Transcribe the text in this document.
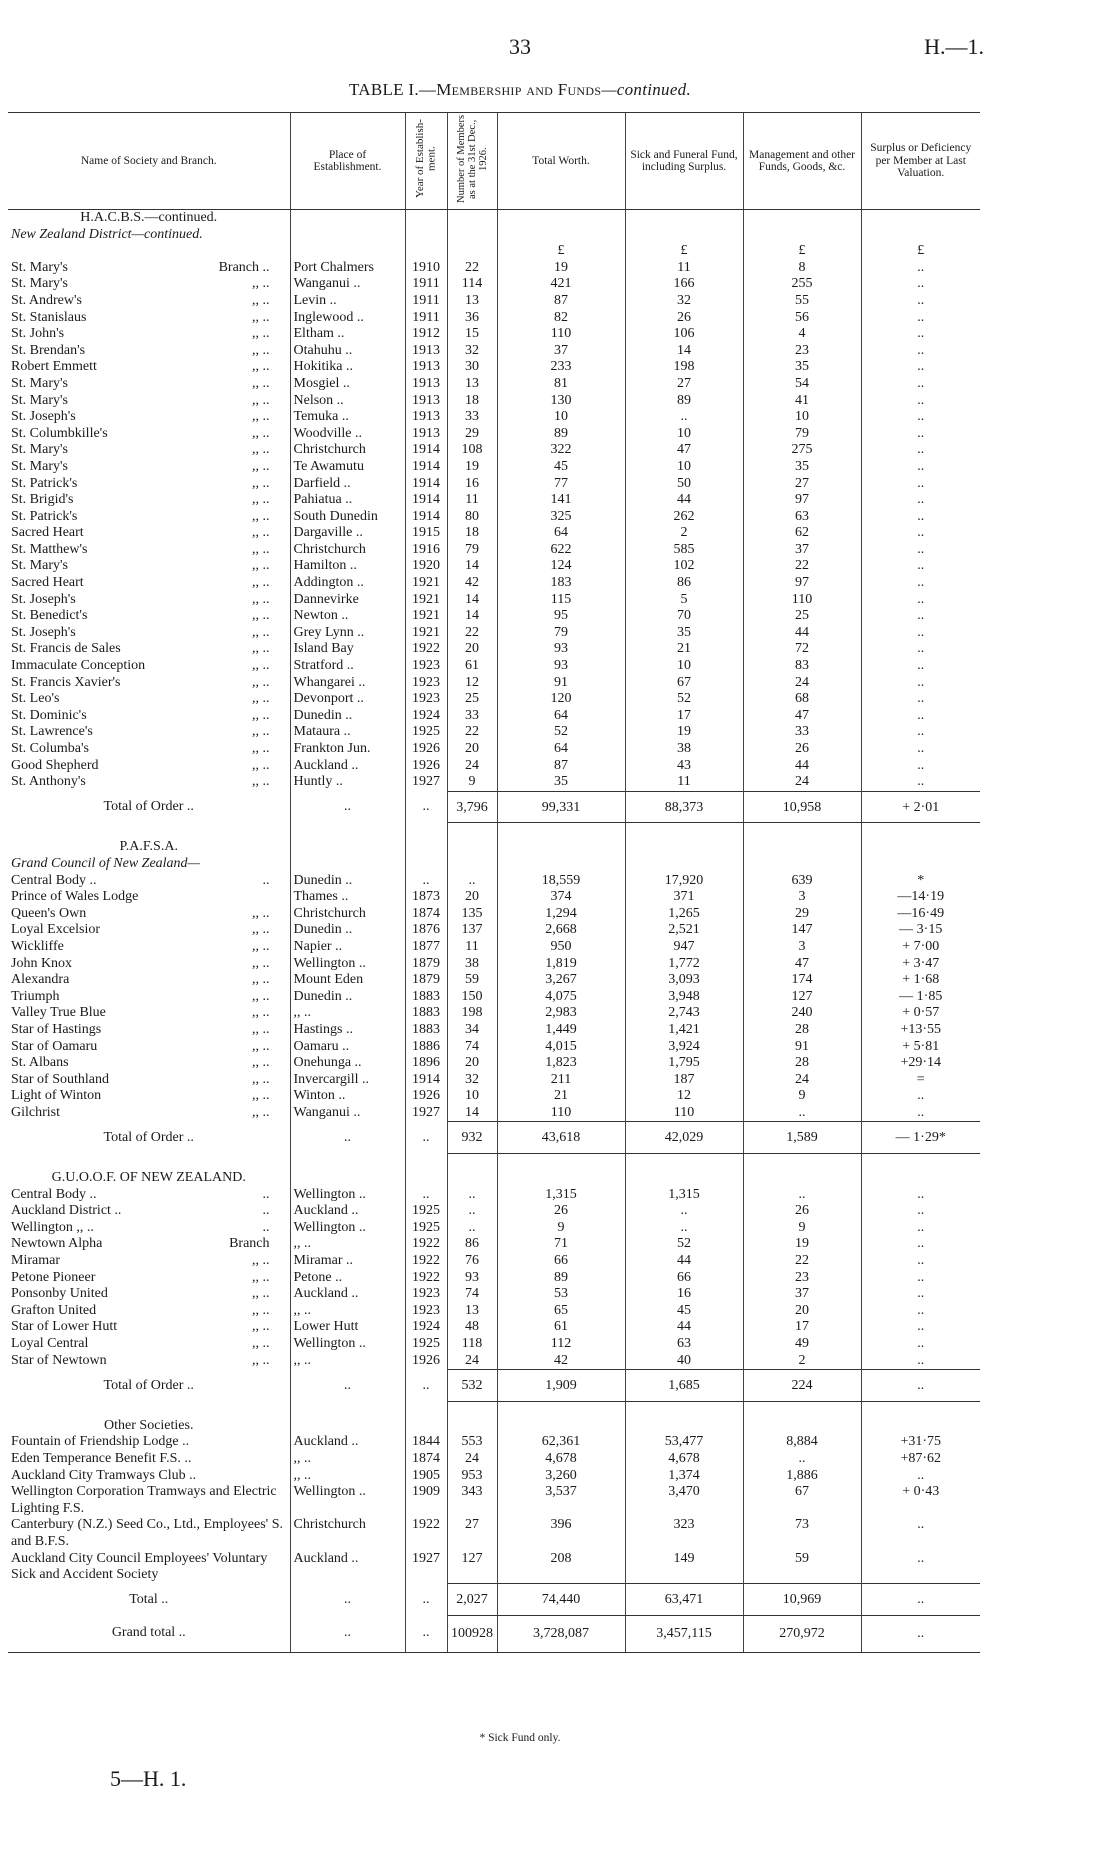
33	H.—1.
TABLE I.—Membership and Funds—continued.
Name of Society and Branch.	Place of Establishment.	Year of Establish-ment.	Number of Members as at the 31st Dec., 1926.	Total Worth.	Sick and Funeral Fund, including Surplus.	Management and other Funds, Goods, &c.	Surplus or Deficiency per Member at Last Valuation.
H.A.C.B.S.—continued.							
New Zealand District—continued.							
				£	£	£	£
St. Mary's Branch ..	Port Chalmers	1910	22	19	11	8	..
St. Mary's ,, ..	Wanganui ..	1911	114	421	166	255	..
St. Andrew's ,, ..	Levin ..	1911	13	87	32	55	..
St. Stanislaus ,, ..	Inglewood ..	1911	36	82	26	56	..
St. John's ,, ..	Eltham ..	1912	15	110	106	4	..
St. Brendan's ,, ..	Otahuhu ..	1913	32	37	14	23	..
Robert Emmett ,, ..	Hokitika ..	1913	30	233	198	35	..
St. Mary's ,, ..	Mosgiel ..	1913	13	81	27	54	..
St. Mary's ,, ..	Nelson ..	1913	18	130	89	41	..
St. Joseph's ,, ..	Temuka ..	1913	33	10	..	10	..
St. Columbkille's ,, ..	Woodville ..	1913	29	89	10	79	..
St. Mary's ,, ..	Christchurch	1914	108	322	47	275	..
St. Mary's ,, ..	Te Awamutu	1914	19	45	10	35	..
St. Patrick's ,, ..	Darfield ..	1914	16	77	50	27	..
St. Brigid's ,, ..	Pahiatua ..	1914	11	141	44	97	..
St. Patrick's ,, ..	South Dunedin	1914	80	325	262	63	..
Sacred Heart ,, ..	Dargaville ..	1915	18	64	2	62	..
St. Matthew's ,, ..	Christchurch	1916	79	622	585	37	..
St. Mary's ,, ..	Hamilton ..	1920	14	124	102	22	..
Sacred Heart ,, ..	Addington ..	1921	42	183	86	97	..
St. Joseph's ,, ..	Dannevirke	1921	14	115	5	110	..
St. Benedict's ,, ..	Newton ..	1921	14	95	70	25	..
St. Joseph's ,, ..	Grey Lynn ..	1921	22	79	35	44	..
St. Francis de Sales ,, ..	Island Bay	1922	20	93	21	72	..
Immaculate Conception ,, ..	Stratford ..	1923	61	93	10	83	..
St. Francis Xavier's ,, ..	Whangarei ..	1923	12	91	67	24	..
St. Leo's ,, ..	Devonport ..	1923	25	120	52	68	..
St. Dominic's ,, ..	Dunedin ..	1924	33	64	17	47	..
St. Lawrence's ,, ..	Mataura ..	1925	22	52	19	33	..
St. Columba's ,, ..	Frankton Jun.	1926	20	64	38	26	..
Good Shepherd ,, ..	Auckland ..	1926	24	87	43	44	..
St. Anthony's ,, ..	Huntly ..	1927	9	35	11	24	..
Total of Order ..	..	..	3,796	99,331	88,373	10,958	+ 2·01

P.A.F.S.A.							
Grand Council of New Zealand—							
Central Body .. ..	Dunedin ..	..	..	18,559	17,920	639	*
Prince of Wales Lodge	Thames ..	1873	20	374	371	3	—14·19
Queen's Own ,, ..	Christchurch	1874	135	1,294	1,265	29	—16·49
Loyal Excelsior ,, ..	Dunedin ..	1876	137	2,668	2,521	147	— 3·15
Wickliffe ,, ..	Napier ..	1877	11	950	947	3	+ 7·00
John Knox ,, ..	Wellington ..	1879	38	1,819	1,772	47	+ 3·47
Alexandra ,, ..	Mount Eden	1879	59	3,267	3,093	174	+ 1·68
Triumph ,, ..	Dunedin ..	1883	150	4,075	3,948	127	— 1·85
Valley True Blue ,, ..	,, ..	1883	198	2,983	2,743	240	+ 0·57
Star of Hastings ,, ..	Hastings ..	1883	34	1,449	1,421	28	+13·55
Star of Oamaru ,, ..	Oamaru ..	1886	74	4,015	3,924	91	+ 5·81
St. Albans ,, ..	Onehunga ..	1896	20	1,823	1,795	28	+29·14
Star of Southland ,, ..	Invercargill ..	1914	32	211	187	24	=
Light of Winton ,, ..	Winton ..	1926	10	21	12	9	..
Gilchrist ,, ..	Wanganui ..	1927	14	110	110	..	..
Total of Order ..	..	..	932	43,618	42,029	1,589	— 1·29*

G.U.O.O.F. OF NEW ZEALAND.							
Central Body .. ..	Wellington ..	..	..	1,315	1,315	..	..
Auckland District .. ..	Auckland ..	1925	..	26	..	26	..
Wellington ,, .. ..	Wellington ..	1925	..	9	..	9	..
Newtown Alpha Branch	,, ..	1922	86	71	52	19	..
Miramar ,, ..	Miramar ..	1922	76	66	44	22	..
Petone Pioneer ,, ..	Petone ..	1922	93	89	66	23	..
Ponsonby United ,, ..	Auckland ..	1923	74	53	16	37	..
Grafton United ,, ..	,, ..	1923	13	65	45	20	..
Star of Lower Hutt ,, ..	Lower Hutt	1924	48	61	44	17	..
Loyal Central ,, ..	Wellington ..	1925	118	112	63	49	..
Star of Newtown ,, ..	,, ..	1926	24	42	40	2	..
Total of Order ..	..	..	532	1,909	1,685	224	..

Other Societies.							
Fountain of Friendship Lodge ..	Auckland ..	1844	553	62,361	53,477	8,884	+31·75
Eden Temperance Benefit F.S. ..	,, ..	1874	24	4,678	4,678	..	+87·62
Auckland City Tramways Club ..	,, ..	1905	953	3,260	1,374	1,886	..
Wellington Corporation Tramways and Electric Lighting F.S.	Wellington ..	1909	343	3,537	3,470	67	+ 0·43
Canterbury (N.Z.) Seed Co., Ltd., Employees' S. and B.F.S.	Christchurch	1922	27	396	323	73	..
Auckland City Council Employees' Voluntary Sick and Accident Society	Auckland ..	1927	127	208	149	59	..
Total ..	..	..	2,027	74,440	63,471	10,969	..
Grand total ..	..	..	100928	3,728,087	3,457,115	270,972	..
* Sick Fund only.
5—H. 1.
